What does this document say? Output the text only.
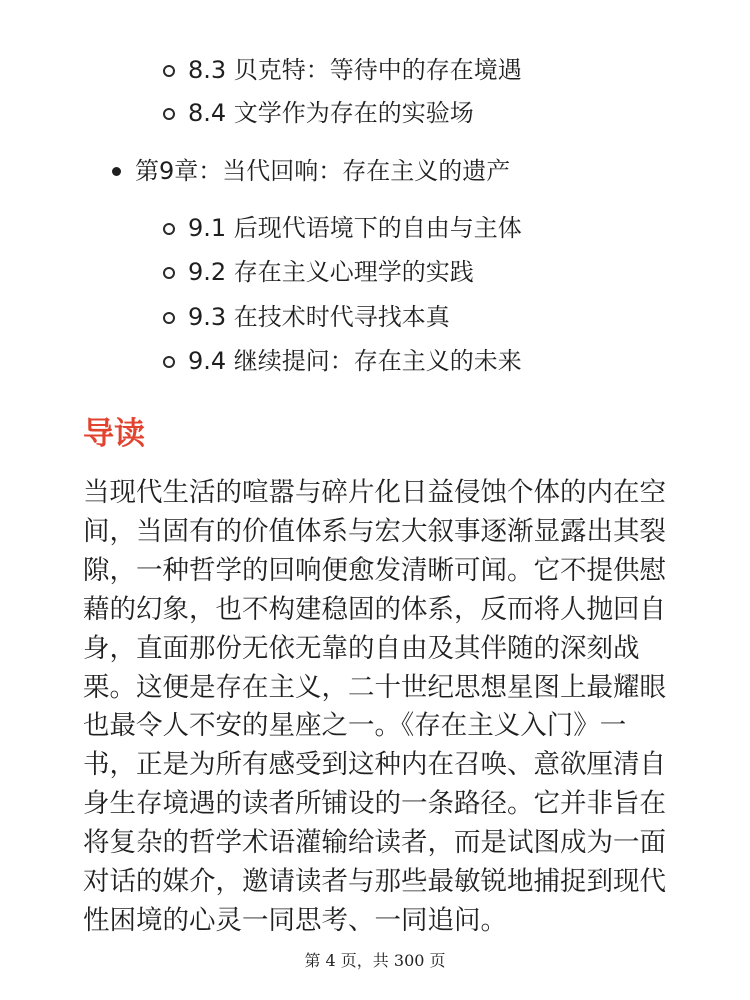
8.3 贝克特：等待中的存在境遇
8.4 文学作为存在的实验场
第9章：当代回响：存在主义的遗产
9.1 后现代语境下的自由与主体
9.2 存在主义心理学的实践
9.3 在技术时代寻找本真
9.4 继续提问：存在主义的未来
导读

当现代生活的喧嚣与碎片化日益侵蚀个体的内在空间，当固有的价值体系与宏大叙事逐渐显露出其裂隙，一种哲学的回响便愈发清晰可闻。它不提供慰藉的幻象，也不构建稳固的体系，反而将人抛回自身，直面那份无依无靠的自由及其伴随的深刻战栗。这便是存在主义，二十世纪思想星图上最耀眼也最令人不安的星座之一。《存在主义入门》一书，正是为所有感受到这种内在召唤、意欲厘清自身生存境遇的读者所铺设的一条路径。它并非旨在将复杂的哲学术语灌输给读者，而是试图成为一面对话的媒介，邀请读者与那些最敏锐地捕捉到现代性困境的心灵一同思考、一同追问。

第 4 页，共 300 页
